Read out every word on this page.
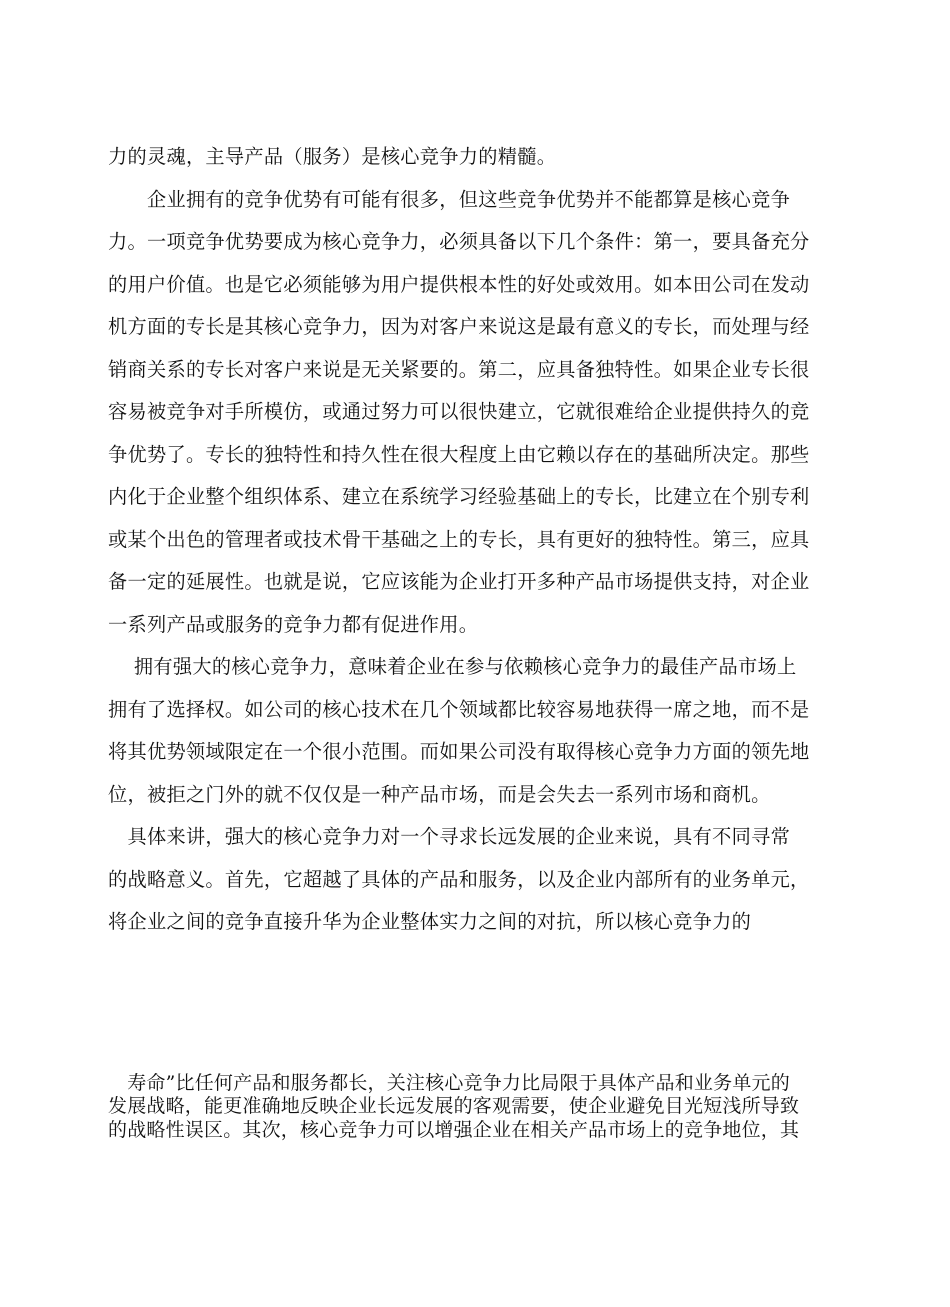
力的灵魂，主导产品（服务）是核心竞争力的精髓。

　　企业拥有的竞争优势有可能有很多，但这些竞争优势并不能都算是核心竞争

力。一项竞争优势要成为核心竞争力，必须具备以下几个条件：第一，要具备充分

的用户价值。也是它必须能够为用户提供根本性的好处或效用。如本田公司在发动

机方面的专长是其核心竞争力，因为对客户来说这是最有意义的专长，而处理与经

销商关系的专长对客户来说是无关紧要的。第二，应具备独特性。如果企业专长很

容易被竞争对手所模仿，或通过努力可以很快建立，它就很难给企业提供持久的竞

争优势了。专长的独特性和持久性在很大程度上由它赖以存在的基础所决定。那些

内化于企业整个组织体系、建立在系统学习经验基础上的专长，比建立在个别专利

或某个出色的管理者或技术骨干基础之上的专长，具有更好的独特性。第三，应具

备一定的延展性。也就是说，它应该能为企业打开多种产品市场提供支持，对企业

一系列产品或服务的竞争力都有促进作用。

　 拥有强大的核心竞争力，意味着企业在参与依赖核心竞争力的最佳产品市场上

拥有了选择权。如公司的核心技术在几个领域都比较容易地获得一席之地，而不是

将其优势领域限定在一个很小范围。而如果公司没有取得核心竞争力方面的领先地

位，被拒之门外的就不仅仅是一种产品市场，而是会失去一系列市场和商机。

　具体来讲，强大的核心竞争力对一个寻求长远发展的企业来说，具有不同寻常

的战略意义。首先，它超越了具体的产品和服务，以及企业内部所有的业务单元，

将企业之间的竞争直接升华为企业整体实力之间的对抗，所以核心竞争力的

　寿命”比任何产品和服务都长，关注核心竞争力比局限于具体产品和业务单元的

发展战略，能更准确地反映企业长远发展的客观需要，使企业避免目光短浅所导致

的战略性误区。其次，核心竞争力可以增强企业在相关产品市场上的竞争地位，其
